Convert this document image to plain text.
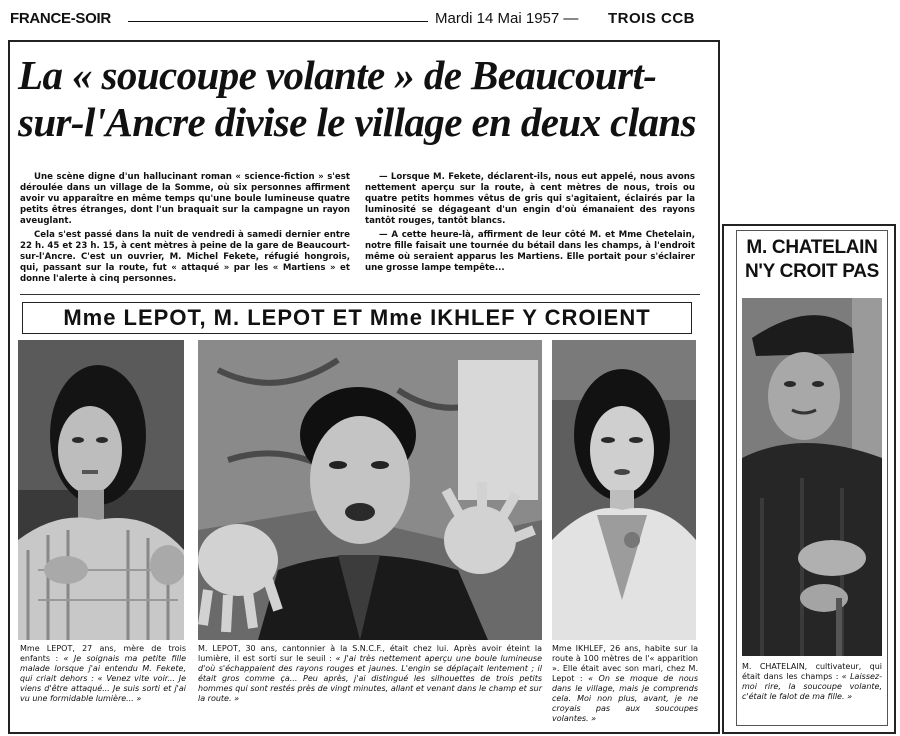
FRANCE-SOIR	Mardi 14 Mai 1957 — TROIS CCB
La « soucoupe volante » de Beaucourt-
sur-l'Ancre divise le village en deux clans

Une scène digne d'un hallucinant roman « science-fiction » s'est déroulée dans un village de la Somme, où six personnes affirment avoir vu apparaître en même temps qu'une boule lumineuse quatre petits êtres étranges, dont l'un braquait sur la campagne un rayon aveuglant.

Cela s'est passé dans la nuit de vendredi à samedi dernier entre 22 h. 45 et 23 h. 15, à cent mètres à peine de la gare de Beaucourt-sur-l'Ancre. C'est un ouvrier, M. Michel Fekete, réfugié hongrois, qui, passant sur la route, fut « attaqué » par les « Martiens » et donne l'alerte à cinq personnes.

— Lorsque M. Fekete, déclarent-ils, nous eut appelé, nous avons nettement aperçu sur la route, à cent mètres de nous, trois ou quatre petits hommes vêtus de gris qui s'agitaient, éclairés par la luminosité se dégageant d'un engin d'où émanaient des rayons tantôt rouges, tantôt blancs.

— A cette heure-là, affirment de leur côté M. et Mme Chetelain, notre fille faisait une tournée du bétail dans les champs, à l'endroit même où seraient apparus les Martiens. Elle portait pour s'éclairer une grosse lampe tempête...

Mme LEPOT, M. LEPOT ET Mme IKHLEF Y CROIENT
Mme LEPOT, 27 ans, mère de trois enfants : « Je soignais ma petite fille malade lorsque j'ai entendu M. Fekete, qui criait dehors : « Venez vite voir... Je viens d'être attaqué... Je suis sorti et j'ai vu une formidable lumière... »
M. LEPOT, 30 ans, cantonnier à la S.N.C.F., était chez lui. Après avoir éteint la lumière, il est sorti sur le seuil : « J'ai très nettement aperçu une boule lumineuse d'où s'échappaient des rayons rouges et jaunes. L'engin se déplaçait lentement ; il était gros comme ça... Peu après, j'ai distingué les silhouettes de trois petits hommes qui sont restés près de vingt minutes, allant et venant dans le champ et sur la route. »
Mme IKHLEF, 26 ans, habite sur la route à 100 mètres de l'« apparition ». Elle était avec son mari, chez M. Lepot : « On se moque de nous dans le village, mais je comprends cela. Moi non plus, avant, je ne croyais pas aux soucoupes volantes. »
M. CHATELAIN
N'Y CROIT PAS
M. CHATELAIN, cultivateur, qui était dans les champs : « Laissez-moi rire, la soucoupe volante, c'était le falot de ma fille. »
